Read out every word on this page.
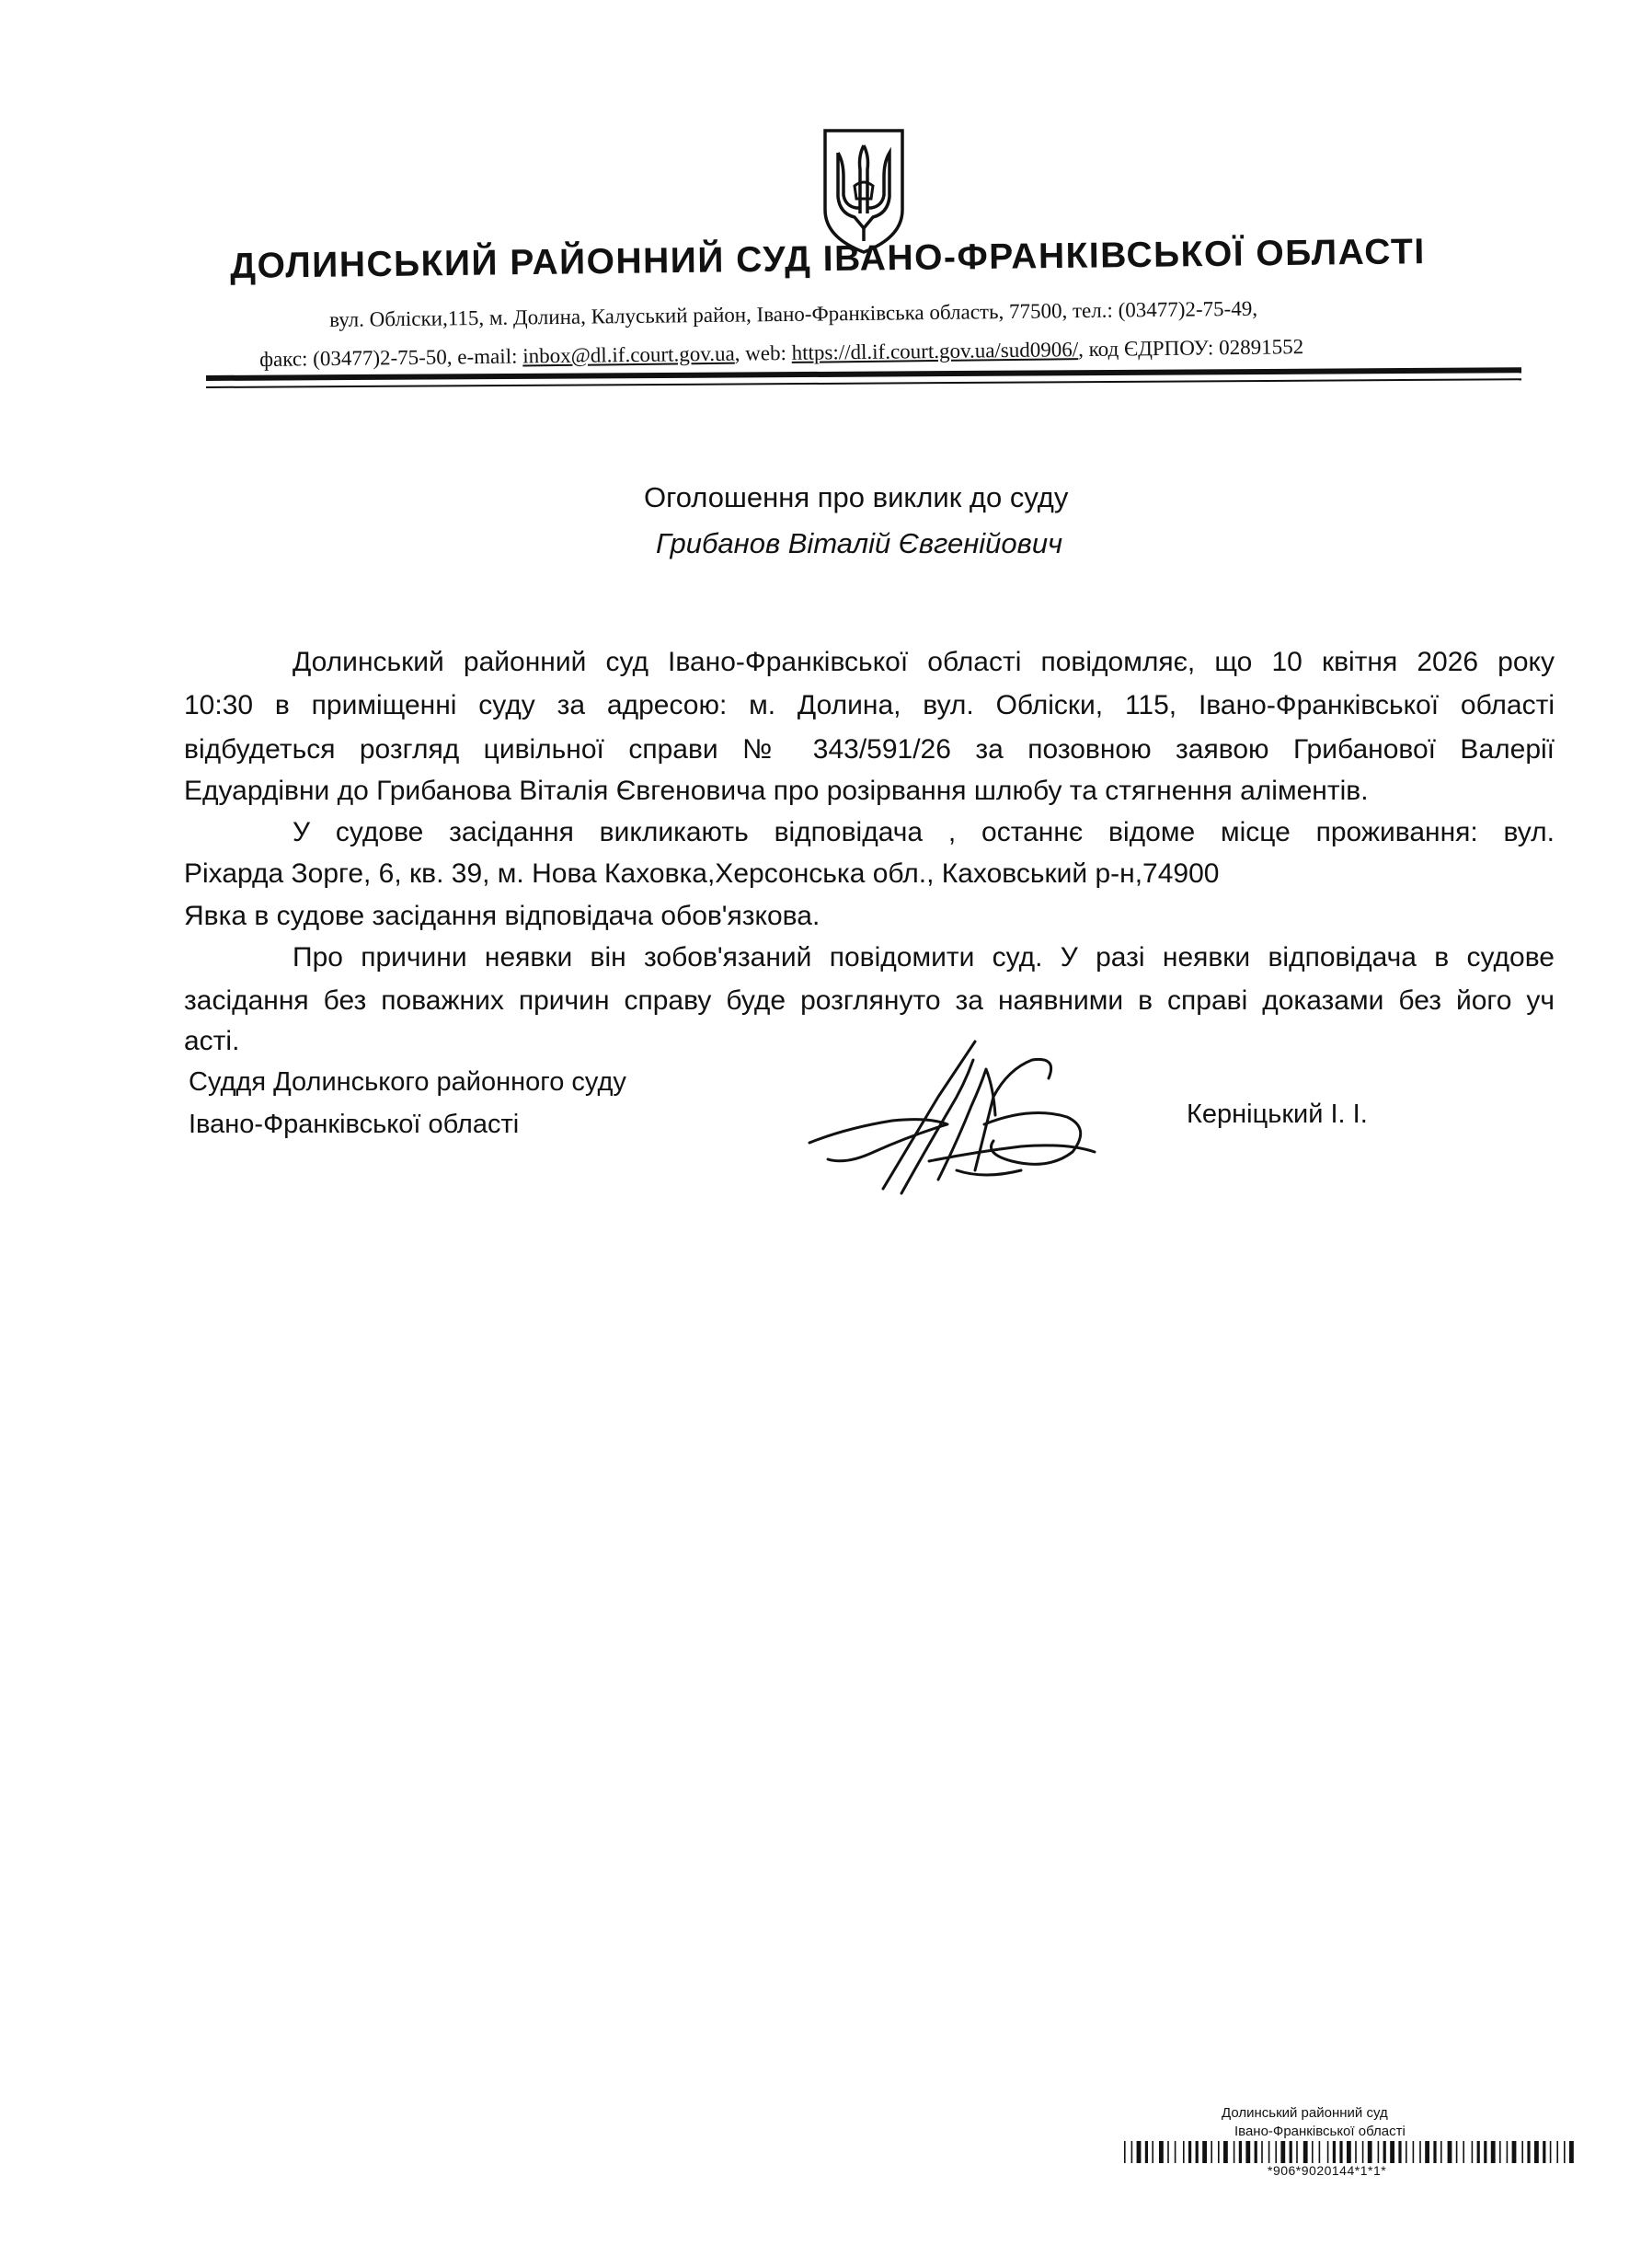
ДОЛИНСЬКИЙ РАЙОННИЙ СУД ІВАНО-ФРАНКІВСЬКОЇ ОБЛАСТІ
вул. Обліски,115, м. Долина, Калуський район, Івано-Франківська область, 77500, тел.: (03477)2-75-49,
факс: (03477)2-75-50, e-mail: inbox@dl.if.court.gov.ua, web: https://dl.if.court.gov.ua/sud0906/, код ЄДРПОУ: 02891552
Оголошення про виклик до суду
Грибанов Віталій Євгенійович
Долинський районний суд Івано-Франківської області повідомляє, що 10 квітня 2026 року
10:30 в приміщенні суду за адресою: м. Долина, вул. Обліски, 115, Івано-Франківської області
відбудеться розгляд цивільної справи № 343/591/26 за позовною заявою Грибанової Валерії
Едуардівни до Грибанова Віталія Євгеновича про розірвання шлюбу та стягнення аліментів.
У судове засідання викликають відповідача , останнє відоме місце проживання: вул.
Ріхарда Зорге, 6, кв. 39, м. Нова Каховка,Херсонська обл., Каховський р-н,74900
Явка в судове засідання відповідача обов'язкова.
Про причини неявки він зобов'язаний повідомити суд. У разі неявки відповідача в судове
засідання без поважних причин справу буде розглянуто за наявними в справі доказами без його уч
асті.
Суддя Долинського районного суду
Івано-Франківської області	Керніцький І. І.
Долинський районний суд
Івано-Франківської області
*906*9020144*1*1*
